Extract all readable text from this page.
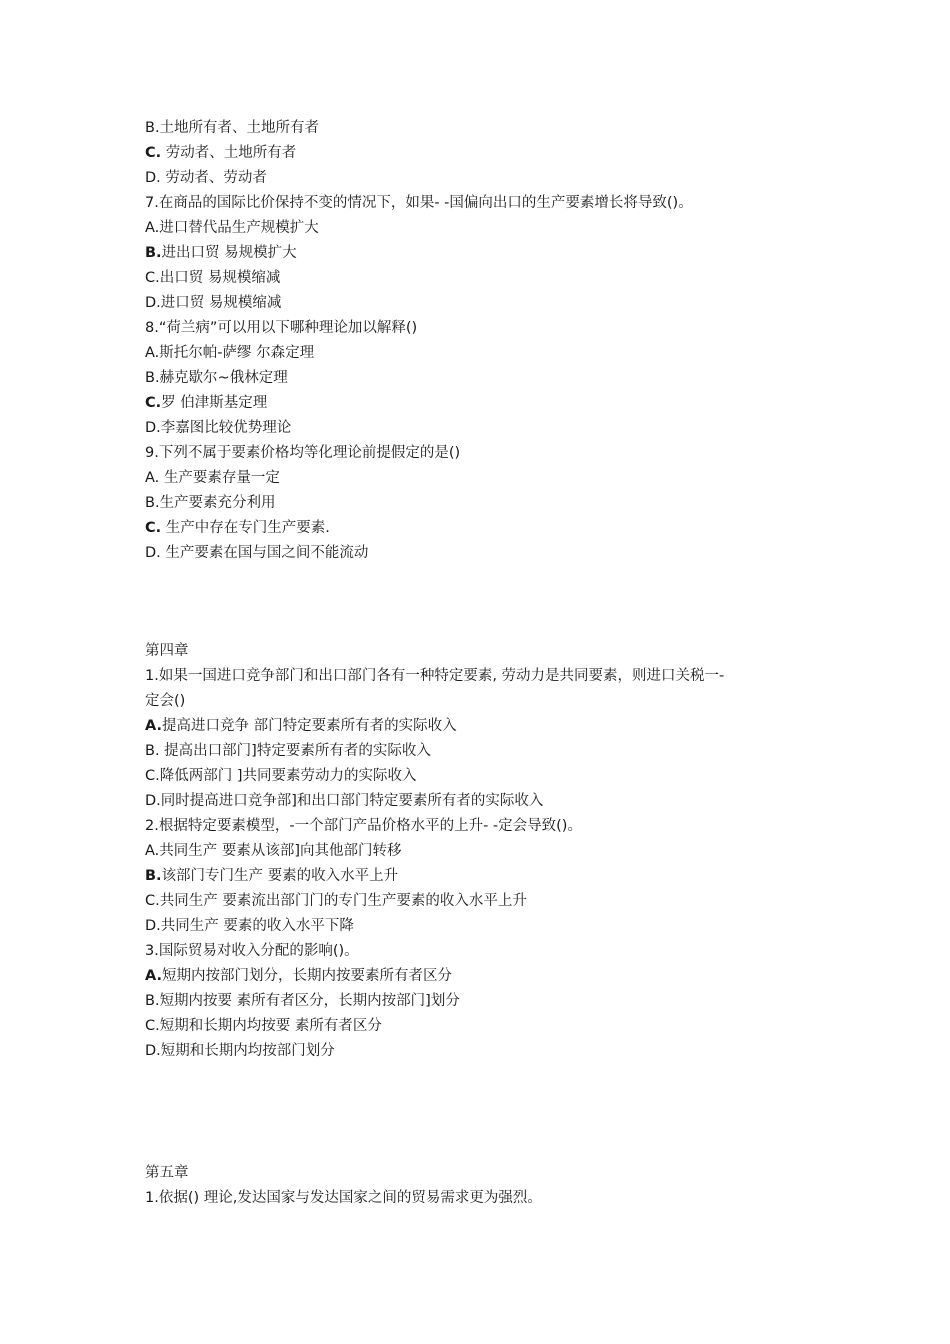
B.土地所有者、土地所有者
C. 劳动者、土地所有者
D. 劳动者、劳动者
7.在商品的国际比价保持不变的情况下，如果- -国偏向出口的生产要素增长将导致()。
A.进口替代品生产规模扩大
B.进出口贸 易规模扩大
C.出口贸 易规模缩减
D.进口贸 易规模缩减
8.“荷兰病”可以用以下哪种理论加以解释()
A.斯托尔帕-萨缪 尔森定理
B.赫克歇尔~俄林定理
C.罗 伯津斯基定理
D.李嘉图比较优势理论
9.下列不属于要素价格均等化理论前提假定的是()
A. 生产要素存量一定
B.生产要素充分利用
C. 生产中存在专门生产要素.
D. 生产要素在国与国之间不能流动
第四章
1.如果一国进口竞争部门和出口部门各有一种特定要素, 劳动力是共同要素，则进口关税一-
定会()
A.提高进口竞争 部门特定要素所有者的实际收入
B. 提高出口部门]特定要素所有者的实际收入
C.降低两部门 ]共同要素劳动力的实际收入
D.同时提高进口竞争部]和出口部门特定要素所有者的实际收入
2.根据特定要素模型，-一个部门产品价格水平的上升- -定会导致()。
A.共同生产 要素从该部]向其他部门转移
B.该部门专门生产 要素的收入水平上升
C.共同生产 要素流出部门门的专门生产要素的收入水平上升
D.共同生产 要素的收入水平下降
3.国际贸易对收入分配的影响()。
A.短期内按部门划分，长期内按要素所有者区分
B.短期内按要 素所有者区分，长期内按部门]划分
C.短期和长期内均按要 素所有者区分
D.短期和长期内均按部门划分
第五章
1.依据() 理论,发达国家与发达国家之间的贸易需求更为强烈。
